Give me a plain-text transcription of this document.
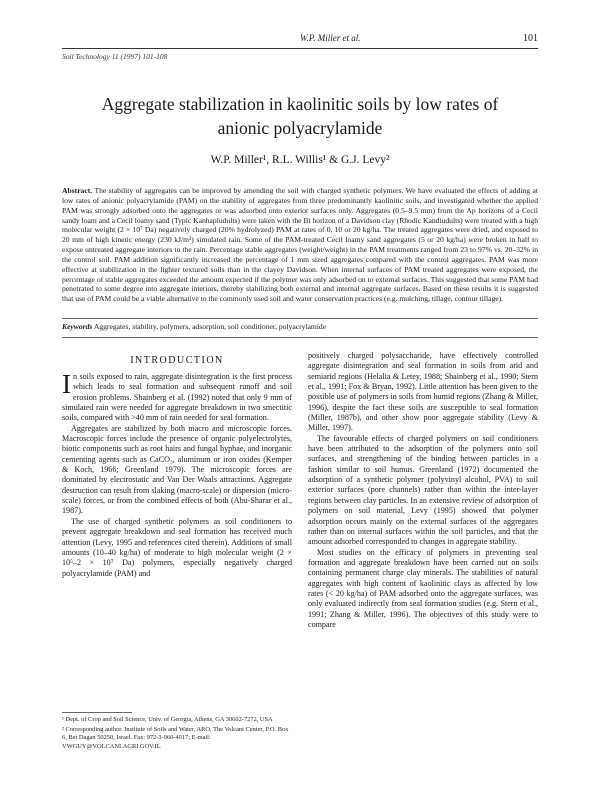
W.P. Miller et al.	101
Soil Technology 11 (1997) 101-108
Aggregate stabilization in kaolinitic soils by low rates of anionic polyacrylamide
W.P. Miller¹, R.L. Willis¹ & G.J. Levy²
Abstract. The stability of aggregates can be improved by amending the soil with charged synthetic polymers. We have evaluated the effects of adding at low rates of anionic polyacrylamide (PAM) on the stability of aggregates from three predominantly kaolinitic soils, and investigated whether the applied PAM was strongly adsorbed onto the aggregates or was adsorbed onto exterior surfaces only. Aggregates (0.5–9.5 mm) from the Ap horizons of a Cecil sandy loam and a Cecil loamy sand (Typic Kanhapludults) were taken with the Bt horizon of a Davidson clay (Rhodic Kandiudults) were treated with a high molecular weight (2 × 10⁷ Da) negatively charged (20% hydrolyzed) PAM at rates of 0, 10 or 20 kg/ha. The treated aggregates were dried, and exposed to 20 mm of high kinetic energy (230 kJ/m³) simulated rain. Some of the PAM-treated Cecil loamy sand aggregates (5 or 20 kg/ha) were broken in half to expose untreated aggregate interiors to the rain. Percentage stable aggregates (weight/weight) in the PAM treatments ranged from 23 to 97% vs. 20–32% in the control soil. PAM addition significantly increased the percentage of 1 mm sized aggregates compared with the control aggregates. PAM was more effective at stabilization in the lighter textured soils than in the clayey Davidson. When internal surfaces of PAM treated aggregates were exposed, the percentage of stable aggregates exceeded the amount expected if the polymer was only adsorbed on to external surfaces. This suggested that some PAM had penetrated to some degree into aggregate interiors, thereby stabilizing both external and internal aggregate surfaces. Based on these results it is suggested that use of PAM could be a viable alternative to the commonly used soil and water conservation practices (e.g. mulching, tillage, contour tillage).
Keywords Aggregates, stability, polymers, adsorption, soil conditioner, polyacrylamide
INTRODUCTION

In soils exposed to rain, aggregate disintegration is the first process which leads to seal formation and subsequent runoff and soil erosion problems. Shainberg et al. (1992) noted that only 9 mm of simulated rain were needed for aggregate breakdown in two smectitic soils, compared with >40 mm of rain needed for seal formation.

Aggregates are stabilized by both macro and microscopic forces. Macroscopic forces include the presence of organic polyelectrolytes, biotic components such as root hairs and fungal hyphae, and inorganic cementing agents such as CaCO₃, aluminum or iron oxides (Kemper & Koch, 1966; Greenland 1979). The microscopic forces are dominated by electrostatic and Van Der Waals attractions. Aggregate destruction can result from slaking (macro-scale) or dispersion (micro-scale) forces, or from the combined effects of both (Abu-Sharar et al., 1987).

The use of charged synthetic polymers as soil conditioners to prevent aggregate breakdown and seal formation has received much attention (Levy, 1995 and references cited therein). Additions of small amounts (10–40 kg/ha) of moderate to high molecular weight (2 × 10⁵–2 × 10⁷ Da) polymers, especially negatively charged polyacrylamide (PAM) and

positively charged polysaccharide, have effectively controlled aggregate disintegration and seal formation in soils from arid and semiarid regions (Helalia & Letey, 1988; Shainberg et al., 1990; Stern et al., 1991; Fox & Bryan, 1992). Little attention has been given to the possible use of polymers in soils from humid regions (Zhang & Miller, 1996), despite the fact these soils are susceptible to seal formation (Miller, 1987b), and other show poor aggregate stability (Levy & Miller, 1997).

The favourable effects of charged polymers on soil conditioners have been attributed to the adsorption of the polymers onto soil surfaces, and strengthening of the binding between particles in a fashion similar to soil humus. Greenland (1972) documented the adsorption of a synthetic polymer (polyvinyl alcohol, PVA) to soil exterior surfaces (pore channels) rather than within the inter-layer regions between clay particles. In an extensive review of adsorption of polymers on soil material, Levy (1995) showed that polymer adsorption occurs mainly on the external surfaces of the aggregates rather than on internal surfaces within the soil particles, and that the amount adsorbed corresponded to changes in aggregate stability.

Most studies on the efficacy of polymers in preventing seal formation and aggregate breakdown have been carried out on soils containing permanent charge clay minerals. The stabilities of natural aggregates with high content of kaolinitic clays as affected by low rates (< 20 kg/ha) of PAM adsorbed onto the aggregate surfaces, was only evaluated indirectly from seal formation studies (e.g. Stern et al., 1991; Zhang & Miller, 1996). The objectives of this study were to compare

¹ Dept. of Crop and Soil Science, Univ. of Georgia, Athens, GA 30602-7272, USA

² Corresponding author. Institute of Soils and Water, ARO, The Volcani Center, P.O. Box 6, Bet Dagan 50250, Israel. Fax: 972-3-960-4017; E-mail: VWGUY@VOLCANI.AGRI.GOV.IL
